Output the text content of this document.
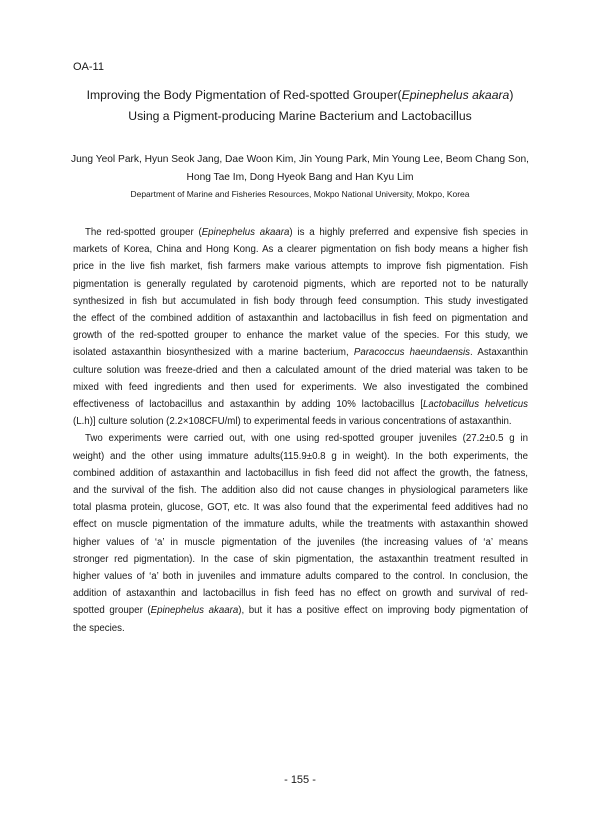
OA-11
Improving the Body Pigmentation of Red-spotted Grouper(Epinephelus akaara)
Using a Pigment-producing Marine Bacterium and Lactobacillus
Jung Yeol Park, Hyun Seok Jang, Dae Woon Kim, Jin Young Park, Min Young Lee, Beom Chang Son,
Hong Tae Im, Dong Hyeok Bang and Han Kyu Lim
Department of Marine and Fisheries Resources, Mokpo National University, Mokpo, Korea
The red-spotted grouper (Epinephelus akaara) is a highly preferred and expensive fish species in
markets of Korea, China and Hong Kong. As a clearer pigmentation on fish body means a higher fish
price in the live fish market, fish farmers make various attempts to improve fish pigmentation. Fish
pigmentation is generally regulated by carotenoid pigments, which are reported not to be naturally
synthesized in fish but accumulated in fish body through feed consumption. This study investigated
the effect of the combined addition of astaxanthin and lactobacillus in fish feed on pigmentation and
growth of the red-spotted grouper to enhance the market value of the species. For this study, we
isolated astaxanthin biosynthesized with a marine bacterium, Paracoccus haeundaensis. Astaxanthin
culture solution was freeze-dried and then a calculated amount of the dried material was taken to be
mixed with feed ingredients and then used for experiments. We also investigated the combined
effectiveness of lactobacillus and astaxanthin by adding 10% lactobacillus [Lactobacillus helveticus
(L.h)] culture solution (2.2×108CFU/ml) to experimental feeds in various concentrations of astaxanthin.
Two experiments were carried out, with one using red-spotted grouper juveniles (27.2±0.5 g in
weight) and the other using immature adults(115.9±0.8 g in weight). In the both experiments, the
combined addition of astaxanthin and lactobacillus in fish feed did not affect the growth, the fatness,
and the survival of the fish. The addition also did not cause changes in physiological parameters like
total plasma protein, glucose, GOT, etc. It was also found that the experimental feed additives had no
effect on muscle pigmentation of the immature adults, while the treatments with astaxanthin showed
higher values of ‘a’ in muscle pigmentation of the juveniles (the increasing values of ‘a’ means
stronger red pigmentation). In the case of skin pigmentation, the astaxanthin treatment resulted in
higher values of ‘a’ both in juveniles and immature adults compared to the control. In conclusion, the
addition of astaxanthin and lactobacillus in fish feed has no effect on growth and survival of red-
spotted grouper (Epinephelus akaara), but it has a positive effect on improving body pigmentation of
the species.
- 155 -
